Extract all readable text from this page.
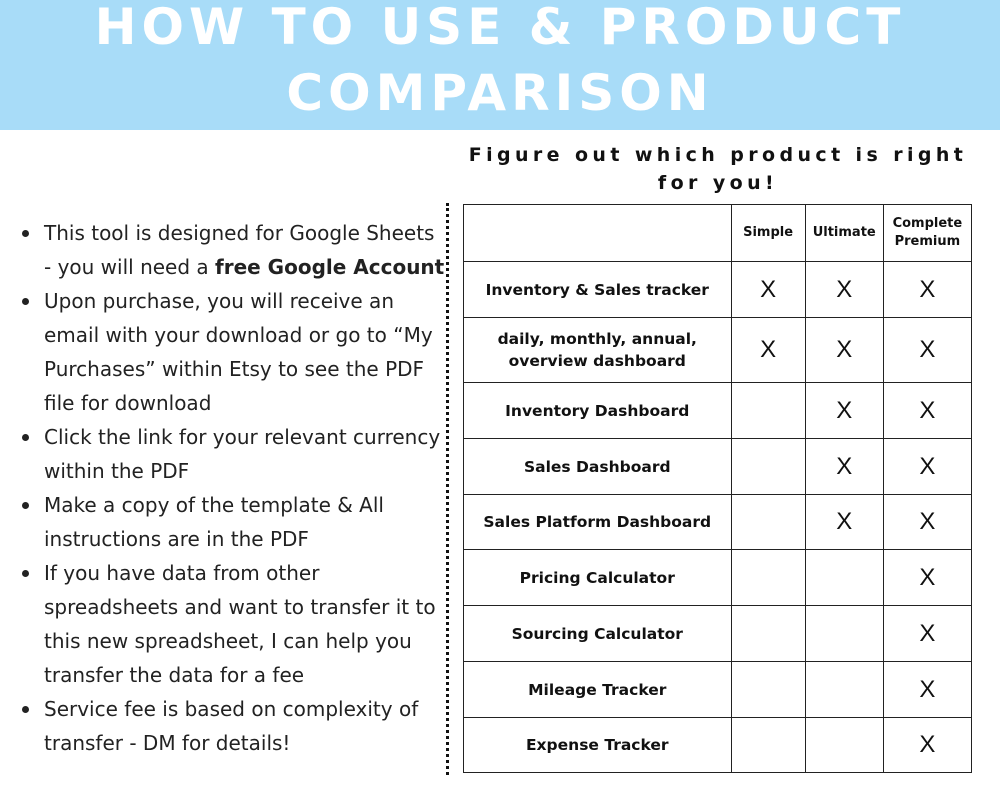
HOW TO USE & PRODUCT
COMPARISON
Figure out which product is right for you!
This tool is designed for Google Sheets - you will need a free Google Account
Upon purchase, you will receive an email with your download or go to “My Purchases” within Etsy to see the PDF file for download
Click the link for your relevant currency within the PDF
Make a copy of the template & All instructions are in the PDF
If you have data from other spreadsheets and want to transfer it to this new spreadsheet, I can help you transfer the data for a fee
Service fee is based on complexity of transfer - DM for details!
	Simple	Ultimate	Complete Premium
Inventory & Sales tracker	X	X	X
daily, monthly, annual, overview dashboard	X	X	X
Inventory Dashboard		X	X
Sales Dashboard		X	X
Sales Platform Dashboard		X	X
Pricing Calculator			X
Sourcing Calculator			X
Mileage Tracker			X
Expense Tracker			X
